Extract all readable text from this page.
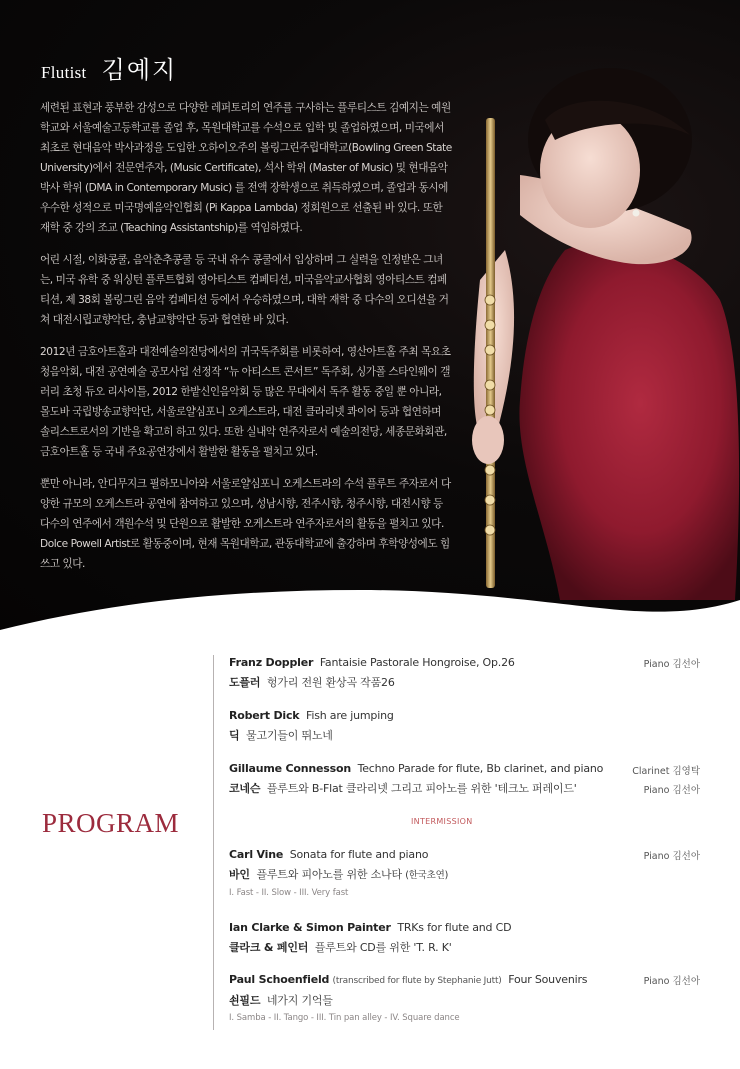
Flutist 김예지

세련된 표현과 풍부한 감성으로 다양한 레퍼토리의 연주를 구사하는 플루티스트 김예지는 예원학교와 서울예술고등학교를 졸업 후, 목원대학교를 수석으로 입학 및 졸업하였으며, 미국에서 최초로 현대음악 박사과정을 도입한 오하이오주의 볼링그린주립대학교(Bowling Green State University)에서 전문연주자, (Music Certificate), 석사 학위 (Master of Music) 및 현대음악 박사 학위 (DMA in Contemporary Music) 를 전액 장학생으로 취득하였으며, 졸업과 동시에 우수한 성적으로 미국명예음악인협회 (Pi Kappa Lambda) 정회원으로 선출된 바 있다. 또한 재학 중 강의 조교 (Teaching Assistantship)를 역임하였다.

어린 시절, 이화콩쿨, 음악춘추콩쿨 등 국내 유수 콩쿨에서 입상하며 그 실력을 인정받은 그녀는, 미국 유학 중 워싱턴 플루트협회 영아티스트 컴페티션, 미국음악교사협회 영아티스트 컴페티션, 제 38회 볼링그린 음악 컴페티션 등에서 우승하였으며, 대학 재학 중 다수의 오디션을 거쳐 대전시립교향악단, 충남교향악단 등과 협연한 바 있다.

2012년 금호아트홀과 대전예술의전당에서의 귀국독주회를 비롯하여, 영산아트홀 주최 목요초청음악회, 대전 공연예술 공모사업 선정작 “뉴 아티스트 콘서트” 독주회, 싱가폴 스타인웨이 갤러리 초청 듀오 리사이틀, 2012 한밭신인음악회 등 많은 무대에서 독주 활동 중일 뿐 아니라, 몰도바 국립방송교향악단, 서울로얄심포니 오케스트라, 대전 클라리넷 콰이어 등과 협연하며 솔리스트로서의 기반을 확고히 하고 있다. 또한 실내악 연주자로서 예술의전당, 세종문화회관, 금호아트홀 등 국내 주요공연장에서 활발한 활동을 펼치고 있다.

뿐만 아니라, 안디무지크 필하모니아와 서울로얄심포니 오케스트라의 수석 플루트 주자로서 다양한 규모의 오케스트라 공연에 참여하고 있으며, 성남시향, 전주시향, 청주시향, 대전시향 등 다수의 연주에서 객원수석 및 단원으로 활발한 오케스트라 연주자로서의 활동을 펼치고 있다. Dolce Powell Artist로 활동중이며, 현재 목원대학교, 관동대학교에 출강하며 후학양성에도 힘쓰고 있다.

PROGRAM
Franz Doppler Fantaisie Pastorale Hongroise, Op.26
도플러 헝가리 전원 환상곡 작품26
Piano 김선아
Robert Dick Fish are jumping
딕 물고기들이 뛰노네
Gillaume Connesson Techno Parade for flute, Bb clarinet, and piano
코네슨 플루트와 B-Flat 클라리넷 그리고 피아노를 위한 '테크노 퍼레이드'
Clarinet 김영탁
Piano 김선아
INTERMISSION
Carl Vine Sonata for flute and piano
바인 플루트와 피아노를 위한 소나타 (한국초연)
I. Fast - II. Slow - III. Very fast
Piano 김선아
Ian Clarke & Simon Painter TRKs for flute and CD
클라크 & 페인터 플루트와 CD를 위한 'T. R. K'
Paul Schoenfield (transcribed for flute by Stephanie Jutt) Four Souvenirs
쇤필드 네가지 기억들
I. Samba - II. Tango - III. Tin pan alley - IV. Square dance
Piano 김선아
